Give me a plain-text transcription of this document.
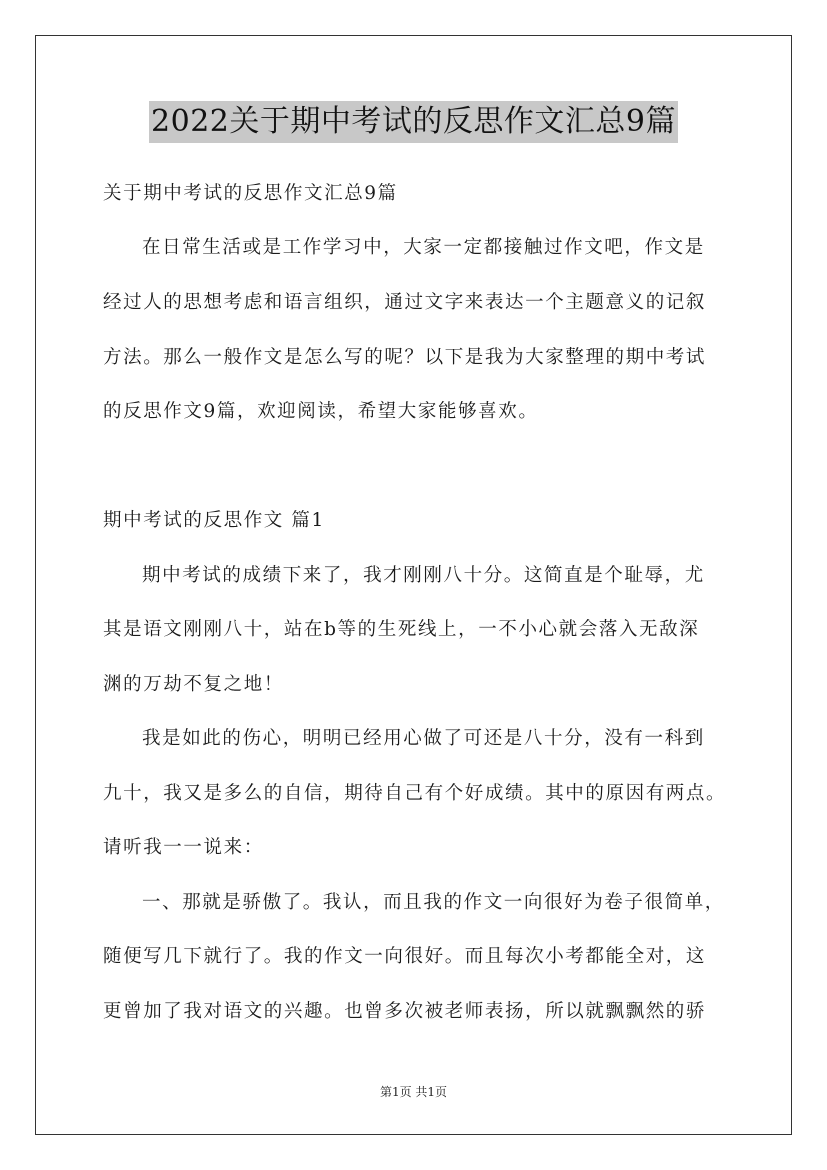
2022关于期中考试的反思作文汇总9篇
关于期中考试的反思作文汇总9篇
在日常生活或是工作学习中，大家一定都接触过作文吧，作文是
经过人的思想考虑和语言组织，通过文字来表达一个主题意义的记叙
方法。那么一般作文是怎么写的呢？以下是我为大家整理的期中考试
的反思作文9篇，欢迎阅读，希望大家能够喜欢。
期中考试的反思作文 篇1
期中考试的成绩下来了，我才刚刚八十分。这简直是个耻辱，尤
其是语文刚刚八十，站在b等的生死线上，一不小心就会落入无敌深
渊的万劫不复之地！
我是如此的伤心，明明已经用心做了可还是八十分，没有一科到
九十，我又是多么的自信，期待自己有个好成绩。其中的原因有两点。
请听我一一说来：
一、那就是骄傲了。我认，而且我的作文一向很好为卷子很简单，
随便写几下就行了。我的作文一向很好。而且每次小考都能全对，这
更曾加了我对语文的兴趣。也曾多次被老师表扬，所以就飘飘然的骄
第1页 共1页
